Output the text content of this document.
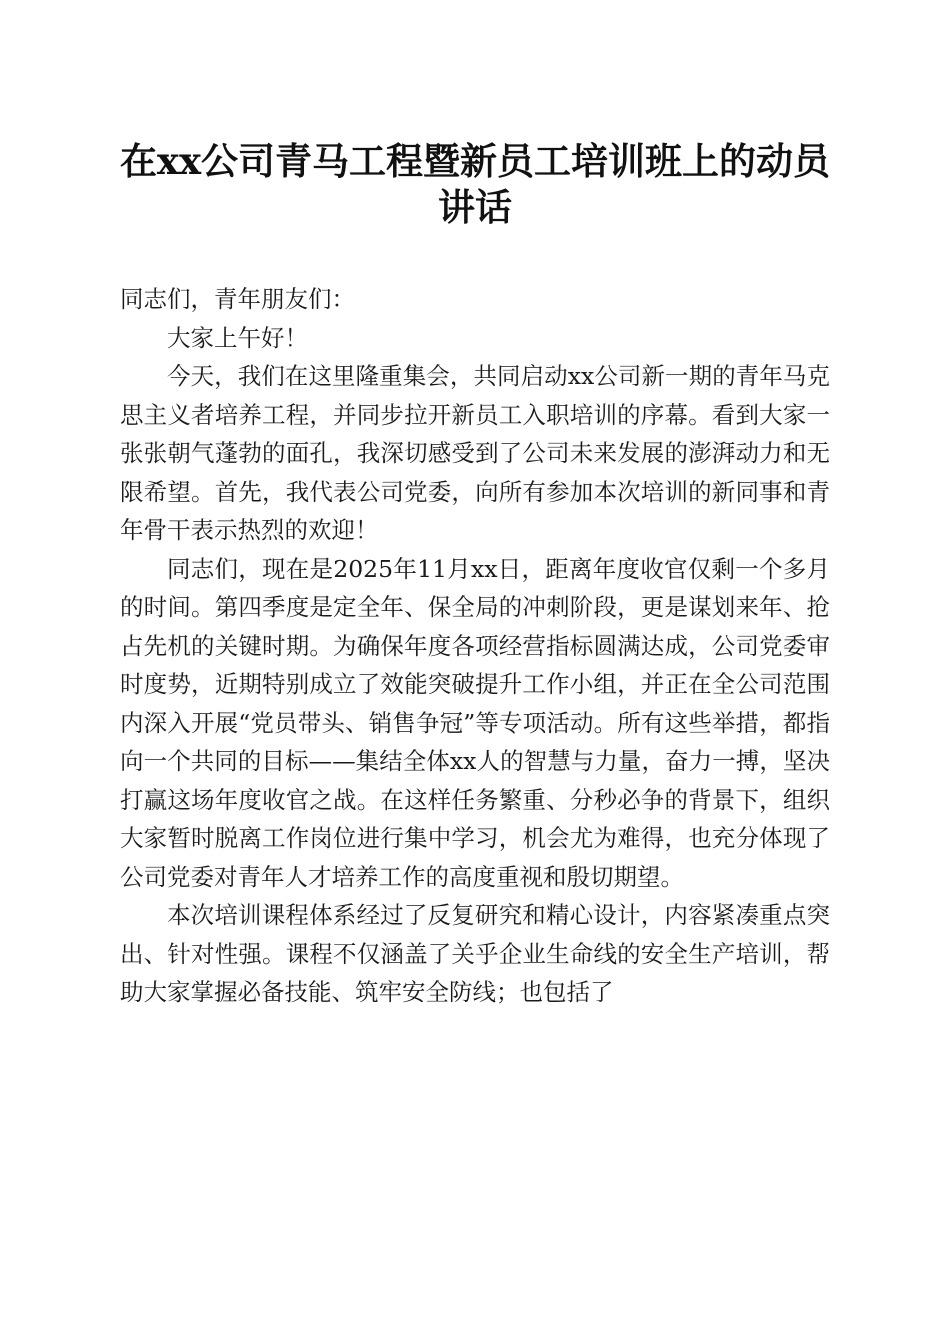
在xx公司青马工程暨新员工培训班上的动员讲话

同志们，青年朋友们：

大家上午好！

今天，我们在这里隆重集会，共同启动xx公司新一期的青年马克思主义者培养工程，并同步拉开新员工入职培训的序幕。看到大家一张张朝气蓬勃的面孔，我深切感受到了公司未来发展的澎湃动力和无限希望。首先，我代表公司党委，向所有参加本次培训的新同事和青年骨干表示热烈的欢迎！

同志们，现在是2025年11月xx日，距离年度收官仅剩一个多月的时间。第四季度是定全年、保全局的冲刺阶段，更是谋划来年、抢占先机的关键时期。为确保年度各项经营指标圆满达成，公司党委审时度势，近期特别成立了效能突破提升工作小组，并正在全公司范围内深入开展“党员带头、销售争冠”等专项活动。所有这些举措，都指向一个共同的目标——集结全体xx人的智慧与力量，奋力一搏，坚决打赢这场年度收官之战。在这样任务繁重、分秒必争的背景下，组织大家暂时脱离工作岗位进行集中学习，机会尤为难得，也充分体现了公司党委对青年人才培养工作的高度重视和殷切期望。

本次培训课程体系经过了反复研究和精心设计，内容紧凑重点突出、针对性强。课程不仅涵盖了关乎企业生命线的安全生产培训，帮助大家掌握必备技能、筑牢安全防线；也包括了
